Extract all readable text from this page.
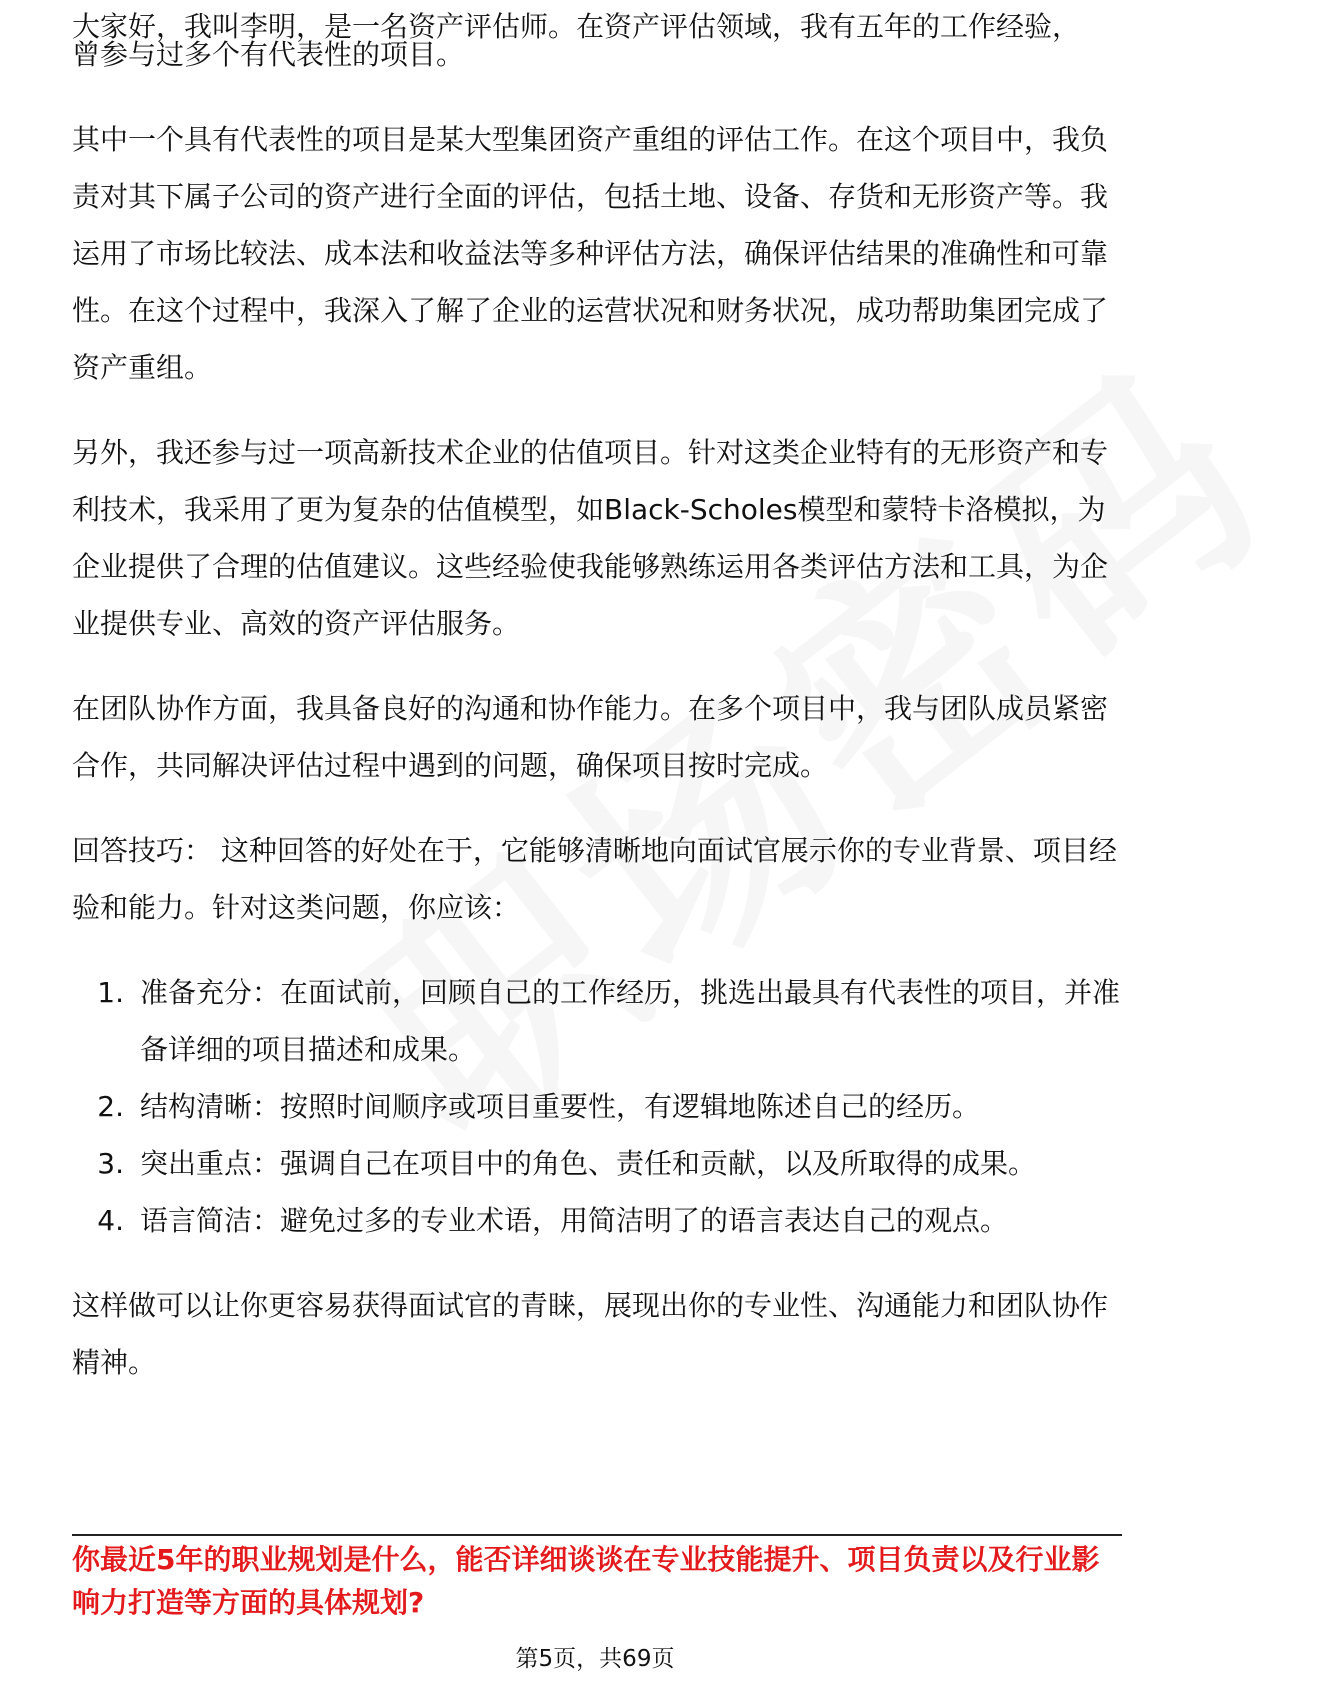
大家好，我叫李明，是一名资产评估师。在资产评估领域，我有五年的工作经验，

曾参与过多个有代表性的项目。

其中一个具有代表性的项目是某大型集团资产重组的评估工作。在这个项目中，我负责对其下属子公司的资产进行全面的评估，包括土地、设备、存货和无形资产等。我运用了市场比较法、成本法和收益法等多种评估方法，确保评估结果的准确性和可靠性。在这个过程中，我深入了解了企业的运营状况和财务状况，成功帮助集团完成了资产重组。

另外，我还参与过一项高新技术企业的估值项目。针对这类企业特有的无形资产和专利技术，我采用了更为复杂的估值模型，如Black-Scholes模型和蒙特卡洛模拟，为企业提供了合理的估值建议。这些经验使我能够熟练运用各类评估方法和工具，为企业提供专业、高效的资产评估服务。

在团队协作方面，我具备良好的沟通和协作能力。在多个项目中，我与团队成员紧密合作，共同解决评估过程中遇到的问题，确保项目按时完成。

回答技巧： 这种回答的好处在于，它能够清晰地向面试官展示你的专业背景、项目经验和能力。针对这类问题，你应该：

1. 准备充分：在面试前，回顾自己的工作经历，挑选出最具有代表性的项目，并准备详细的项目描述和成果。
2. 结构清晰：按照时间顺序或项目重要性，有逻辑地陈述自己的经历。
3. 突出重点：强调自己在项目中的角色、责任和贡献，以及所取得的成果。
4. 语言简洁：避免过多的专业术语，用简洁明了的语言表达自己的观点。

这样做可以让你更容易获得面试官的青睐，展现出你的专业性、沟通能力和团队协作精神。

你最近5年的职业规划是什么，能否详细谈谈在专业技能提升、项目负责以及行业影响力打造等方面的具体规划?

第5页，共69页
